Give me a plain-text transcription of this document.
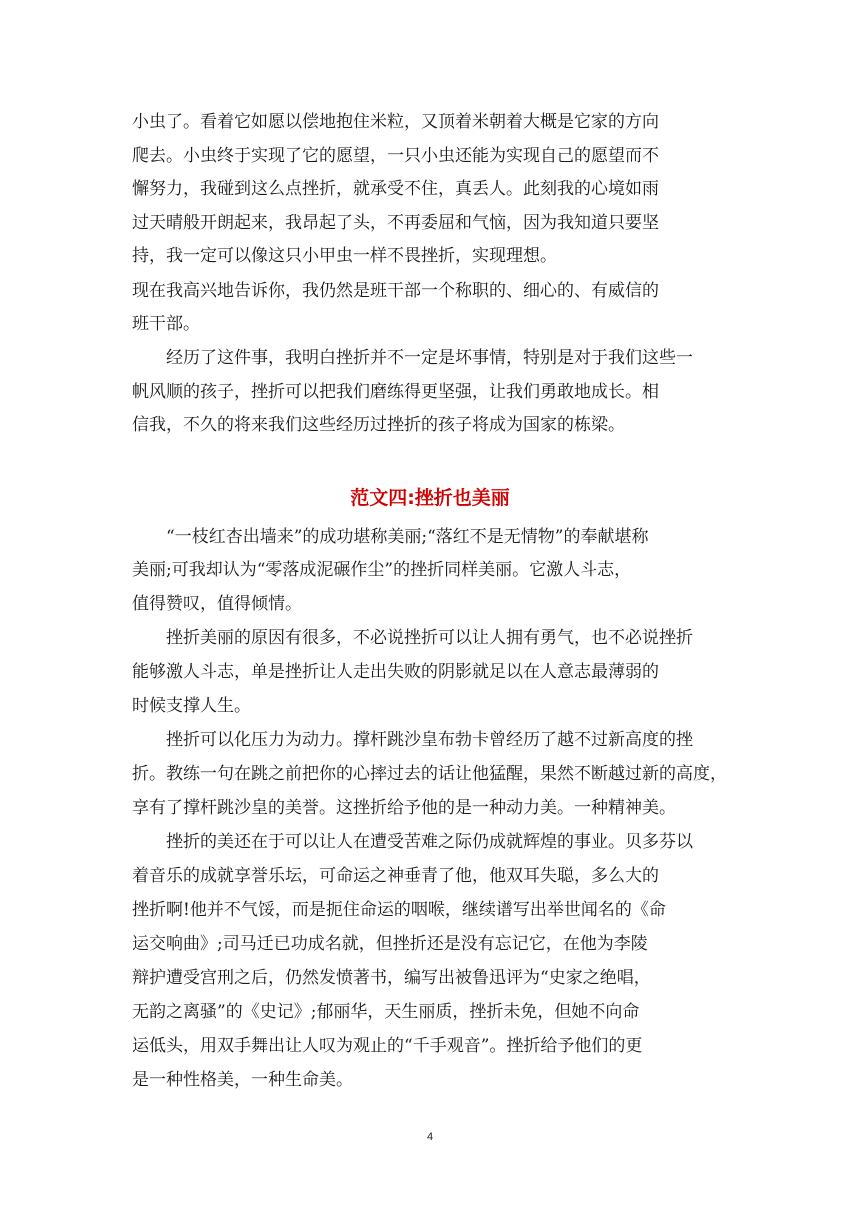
小虫了。看着它如愿以偿地抱住米粒，又顶着米朝着大概是它家的方向
爬去。小虫终于实现了它的愿望，一只小虫还能为实现自己的愿望而不
懈努力，我碰到这么点挫折，就承受不住，真丢人。此刻我的心境如雨
过天晴般开朗起来，我昂起了头，不再委屈和气恼，因为我知道只要坚
持，我一定可以像这只小甲虫一样不畏挫折，实现理想。
现在我高兴地告诉你，我仍然是班干部一个称职的、细心的、有威信的
班干部。
经历了这件事，我明白挫折并不一定是坏事情，特别是对于我们这些一
帆风顺的孩子，挫折可以把我们磨练得更坚强，让我们勇敢地成长。相
信我，不久的将来我们这些经历过挫折的孩子将成为国家的栋梁。
范文四:挫折也美丽
“一枝红杏出墙来”的成功堪称美丽;“落红不是无情物”的奉献堪称
美丽;可我却认为“零落成泥碾作尘”的挫折同样美丽。它激人斗志，
值得赞叹，值得倾情。
挫折美丽的原因有很多，不必说挫折可以让人拥有勇气，也不必说挫折
能够激人斗志，单是挫折让人走出失败的阴影就足以在人意志最薄弱的
时候支撑人生。
挫折可以化压力为动力。撑杆跳沙皇布勃卡曾经历了越不过新高度的挫
折。教练一句在跳之前把你的心摔过去的话让他猛醒，果然不断越过新的高度，
享有了撑杆跳沙皇的美誉。这挫折给予他的是一种动力美。一种精神美。
挫折的美还在于可以让人在遭受苦难之际仍成就辉煌的事业。贝多芬以
着音乐的成就享誉乐坛，可命运之神垂青了他，他双耳失聪，多么大的
挫折啊!他并不气馁，而是扼住命运的咽喉，继续谱写出举世闻名的《命
运交响曲》;司马迁已功成名就，但挫折还是没有忘记它，在他为李陵
辩护遭受宫刑之后，仍然发愤著书，编写出被鲁迅评为“史家之绝唱，
无韵之离骚”的《史记》;郁丽华，天生丽质，挫折未免，但她不向命
运低头，用双手舞出让人叹为观止的“千手观音”。挫折给予他们的更
是一种性格美，一种生命美。
4
